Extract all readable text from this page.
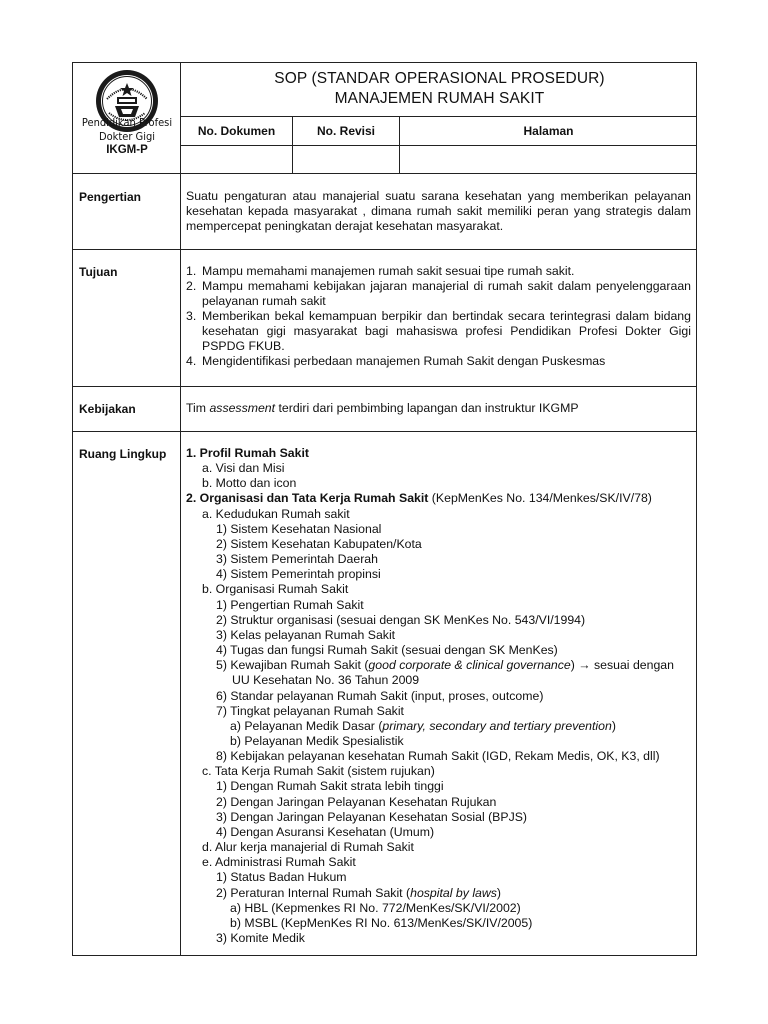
Pendidikan Profesi
Dokter Gigi
IKGM-P
SOP (STANDAR OPERASIONAL PROSEDUR)
MANAJEMEN RUMAH SAKIT
No. Dokumen	No. Revisi	Halaman
Pengertian	Suatu pengaturan atau manajerial suatu sarana kesehatan yang memberikan pelayanan kesehatan kepada masyarakat , dimana rumah sakit memiliki peran yang strategis dalam mempercepat peningkatan derajat kesehatan masyarakat.
Tujuan	1. Mampu memahami manajemen rumah sakit sesuai tipe rumah sakit.
2. Mampu memahami kebijakan jajaran manajerial di rumah sakit dalam penyelenggaraan pelayanan rumah sakit
3. Memberikan bekal kemampuan berpikir dan bertindak secara terintegrasi dalam bidang kesehatan gigi masyarakat bagi mahasiswa profesi Pendidikan Profesi Dokter Gigi PSPDG FKUB.
4. Mengidentifikasi perbedaan manajemen Rumah Sakit dengan Puskesmas
Kebijakan	Tim assessment terdiri dari pembimbing lapangan dan instruktur IKGMP
Ruang Lingkup 1. Profil Rumah Sakit
a. Visi dan Misi
b. Motto dan icon
2. Organisasi dan Tata Kerja Rumah Sakit (KepMenKes No. 134/Menkes/SK/IV/78)
a. Kedudukan Rumah sakit
1) Sistem Kesehatan Nasional
2) Sistem Kesehatan Kabupaten/Kota
3) Sistem Pemerintah Daerah
4) Sistem Pemerintah propinsi
b. Organisasi Rumah Sakit
1) Pengertian Rumah Sakit
2) Struktur organisasi (sesuai dengan SK MenKes No. 543/VI/1994)
3) Kelas pelayanan Rumah Sakit
4) Tugas dan fungsi Rumah Sakit (sesuai dengan SK MenKes)
5) Kewajiban Rumah Sakit (good corporate & clinical governance) → sesuai dengan
UU Kesehatan No. 36 Tahun 2009
6) Standar pelayanan Rumah Sakit (input, proses, outcome)
7) Tingkat pelayanan Rumah Sakit
a) Pelayanan Medik Dasar (primary, secondary and tertiary prevention)
b) Pelayanan Medik Spesialistik
8) Kebijakan pelayanan kesehatan Rumah Sakit (IGD, Rekam Medis, OK, K3, dll)
c. Tata Kerja Rumah Sakit (sistem rujukan)
1) Dengan Rumah Sakit strata lebih tinggi
2) Dengan Jaringan Pelayanan Kesehatan Rujukan
3) Dengan Jaringan Pelayanan Kesehatan Sosial (BPJS)
4) Dengan Asuransi Kesehatan (Umum)
d. Alur kerja manajerial di Rumah Sakit
e. Administrasi Rumah Sakit
1) Status Badan Hukum
2) Peraturan Internal Rumah Sakit (hospital by laws)
a) HBL (Kepmenkes RI No. 772/MenKes/SK/VI/2002)
b) MSBL (KepMenKes RI No. 613/MenKes/SK/IV/2005)
3) Komite Medik
